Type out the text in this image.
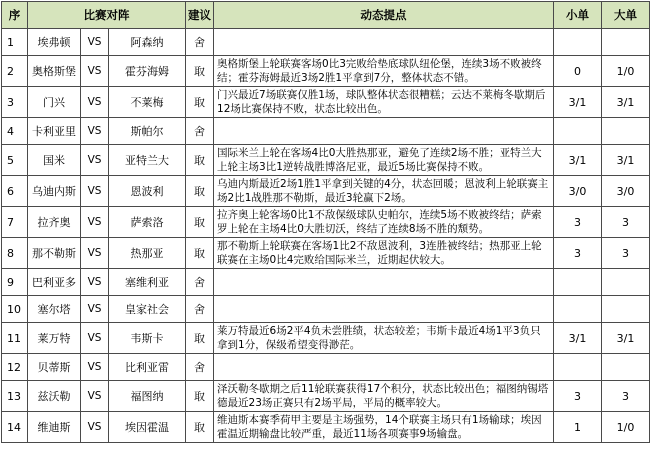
序	比赛对阵			建议	动态提点	小单	大单
1	埃弗顿	VS	阿森纳	舍			
2	奥格斯堡	VS	霍芬海姆	取	奥格斯堡上轮联赛客场0比3完败给垫底球队纽伦堡，连续3场不败被终结；霍芬海姆最近3场2胜1平拿到7分，整体状态不错。	0	1/0
3	门兴	VS	不莱梅	取	门兴最近7场联赛仅胜1场，球队整体状态很糟糕；云达不莱梅冬歇期后12场比赛保持不败，状态比较出色。	3/1	3/1
4	卡利亚里	VS	斯帕尔	舍			
5	国米	VS	亚特兰大	取	国际米兰上轮在客场4比0大胜热那亚，避免了连续2场不胜；亚特兰大上轮主场3比1逆转战胜博洛尼亚，最近5场比赛保持不败。	3/1	3/1
6	乌迪内斯	VS	恩波利	取	乌迪内斯最近2场1胜1平拿到关键的4分，状态回暖；恩波利上轮联赛主场2比1战胜那不勒斯，最近3轮赢下2场。	3/0	3/0
7	拉齐奥	VS	萨索洛	取	拉齐奥上轮客场0比1不敌保级球队史帕尔，连续5场不败被终结；萨索罗上轮在主场4比0大胜切沃，终结了连续8场不胜的颓势。	3	3
8	那不勒斯	VS	热那亚	取	那不勒斯上轮联赛在客场1比2不敌恩波利，3连胜被终结；热那亚上轮联赛在主场0比4完败给国际米兰，近期起伏较大。	3	3
9	巴利亚多	VS	塞维利亚	舍			
10	塞尔塔	VS	皇家社会	舍			
11	莱万特	VS	韦斯卡	取	莱万特最近6场2平4负未尝胜绩，状态较差；韦斯卡最近4场1平3负只拿到1分，保级希望变得渺茫。	3/1	3/1
12	贝蒂斯	VS	比利亚雷	舍			
13	兹沃勒	VS	福图纳	取	泽沃勒冬歇期之后11轮联赛获得17个积分，状态比较出色；福图纳锡塔德最近23场正赛只有2场平局，平局的概率较大。	3	3
14	维迪斯	VS	埃因霍温	取	维迪斯本赛季荷甲主要是主场强势，14个联赛主场只有1场输球；埃因霍温近期输盘比较严重，最近11场各项赛事9场输盘。	1	1/0
